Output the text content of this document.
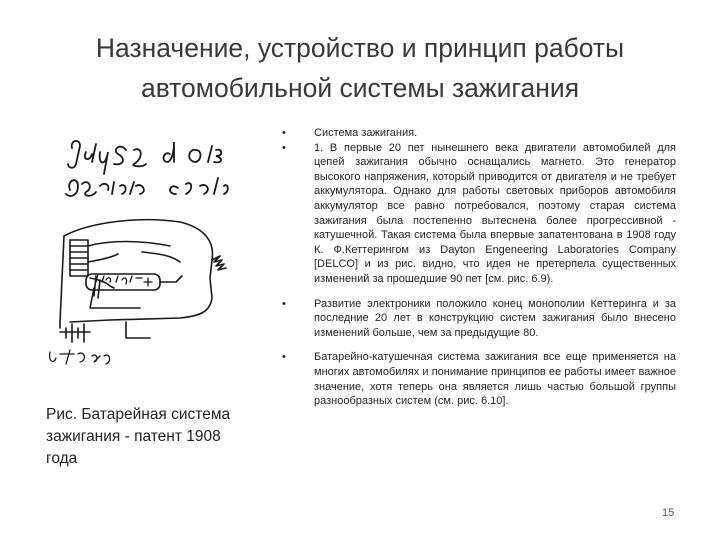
Назначение, устройство и принцип работы
автомобильной системы зажигания
Рис. Батарейная система зажигания - патент 1908 года
•	Система зажигания.
•	1. В первые 20 пет нынешнего века двигатели автомобилей для цепей зажигания обычно оснащались магнето. Это генератор высокого напряжения, который приводится от двигателя и не требует аккумулятора. Однако для работы световых приборов автомобиля аккумулятор все равно потребовался, поэтому старая система зажигания была постепенно вытеснена более прогрессивной - катушечной. Такая система была впервые запатентована в 1908 году К. Ф.Кеттерингом из Dayton Engeneering Laboratories Company [DELCO] и из рис. видно, что идея не претерпела существенных изменений за прошедшие 90 пет [см. рис. 6.9).
•	Развитие электроники положило конец монополии Кеттеринга и за последние 20 лет в конструкцию систем зажигания было внесено изменений больше, чем за предыдущие 80.
•	Батарейно-катушечная система зажигания все еще применяется на многих автомобилях и понимание принципов ее работы имеет важное значение, хотя теперь она является лишь частью большой группы разнообразных систем (см. рис. 6.10].
15
